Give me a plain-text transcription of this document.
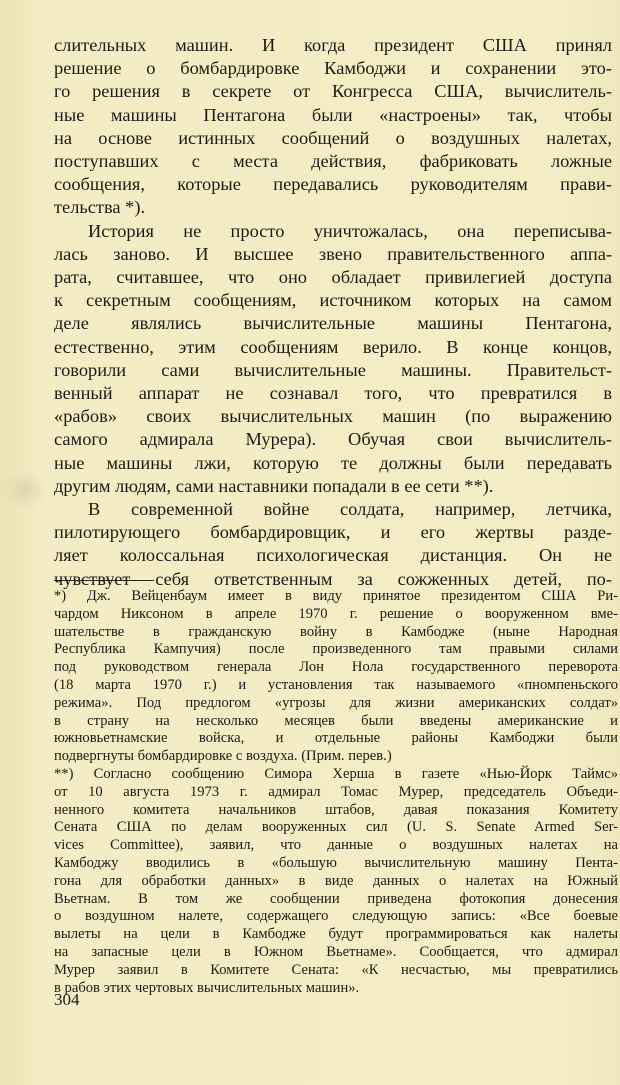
слительных машин. И когда президент США принял
решение о бомбардировке Камбоджи и сохранении это-
го решения в секрете от Конгресса США, вычислитель-
ные машины Пентагона были «настроены» так, чтобы
на основе истинных сообщений о воздушных налетах,
поступавших с места действия, фабриковать ложные
сообщения, которые передавались руководителям прави-
тельства *).

История не просто уничтожалась, она переписыва-
лась заново. И высшее звено правительственного аппа-
рата, считавшее, что оно обладает привилегией доступа
к секретным сообщениям, источником которых на самом
деле являлись вычислительные машины Пентагона,
естественно, этим сообщениям верило. В конце концов,
говорили сами вычислительные машины. Правительст-
венный аппарат не сознавал того, что превратился в
«рабов» своих вычислительных машин (по выражению
самого адмирала Мурера). Обучая свои вычислитель-
ные машины лжи, которую те должны были передавать
другим людям, сами наставники попадали в ее сети **).

В современной войне солдата, например, летчика,
пилотирующего бомбардировщик, и его жертвы разде-
ляет колоссальная психологическая дистанция. Он не
чувствует себя ответственным за сожженных детей, по-

*) Дж. Вейценбаум имеет в виду принятое президентом США Ри-
чардом Никсоном в апреле 1970 г. решение о вооруженном вме-
шательстве в гражданскую войну в Камбодже (ныне Народная
Республика Кампучия) после произведенного там правыми силами
под руководством генерала Лон Нола государственного переворота
(18 марта 1970 г.) и установления так называемого «пномпеньского
режима». Под предлогом «угрозы для жизни американских солдат»
в страну на несколько месяцев были введены американские и
южновьетнамские войска, и отдельные районы Камбоджи были
подвергнуты бомбардировке с воздуха. (Прим. перев.)
**) Согласно сообщению Симора Херша в газете «Нью-Йорк Таймс»
от 10 августа 1973 г. адмирал Томас Мурер, председатель Объеди-
ненного комитета начальников штабов, давая показания Комитету
Сената США по делам вооруженных сил (U. S. Senate Armed Ser-
vices Committee), заявил, что данные о воздушных налетах на
Камбоджу вводились в «большую вычислительную машину Пента-
гона для обработки данных» в виде данных о налетах на Южный
Вьетнам. В том же сообщении приведена фотокопия донесения
о воздушном налете, содержащего следующую запись: «Все боевые
вылеты на цели в Камбодже будут программироваться как налеты
на запасные цели в Южном Вьетнаме». Сообщается, что адмирал
Мурер заявил в Комитете Сената: «К несчастью, мы превратились
в рабов этих чертовых вычислительных машин».
304
